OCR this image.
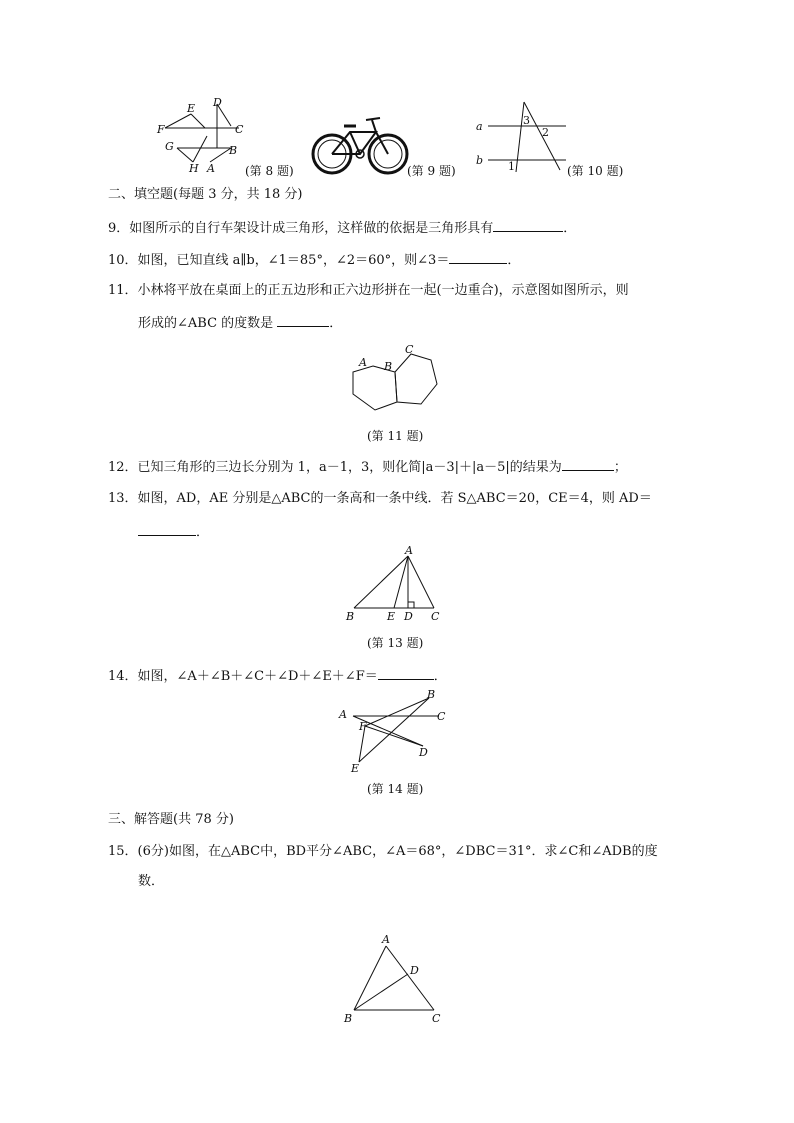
D
E
F	C
G	B
H A	(第 8 题)	(第 9 题)
a
b
3
2
1	(第 10 题)
二、填空题(每题 3 分，共 18 分)
9．如图所示的自行车架设计成三角形，这样做的依据是三角形具有	．
10．如图，已知直线 a∥b，∠1＝85°，∠2＝60°，则∠3＝	．
11．小林将平放在桌面上的正五边形和正六边形拼在一起(一边重合)，示意图如图所示，则
形成的∠ABC 的度数是	．
A B
C
(第 11 题)
12．已知三角形的三边长分别为 1，a－1，3，则化简|a－3|＋|a－5|的结果为	；
13．如图，AD，AE 分别是△ABC的一条高和一条中线．若 S△ABC＝20，CE＝4，则 AD＝
．
A
B	E D C
(第 13 题)
14．如图，∠A＋∠B＋∠C＋∠D＋∠E＋∠F＝	．
A
B
C
D
E
F
(第 14 题)
三、解答题(共 78 分)
15．(6分)如图，在△ABC中，BD平分∠ABC，∠A＝68°，∠DBC＝31°．求∠C和∠ADB的度
数．
A
D
B	C
